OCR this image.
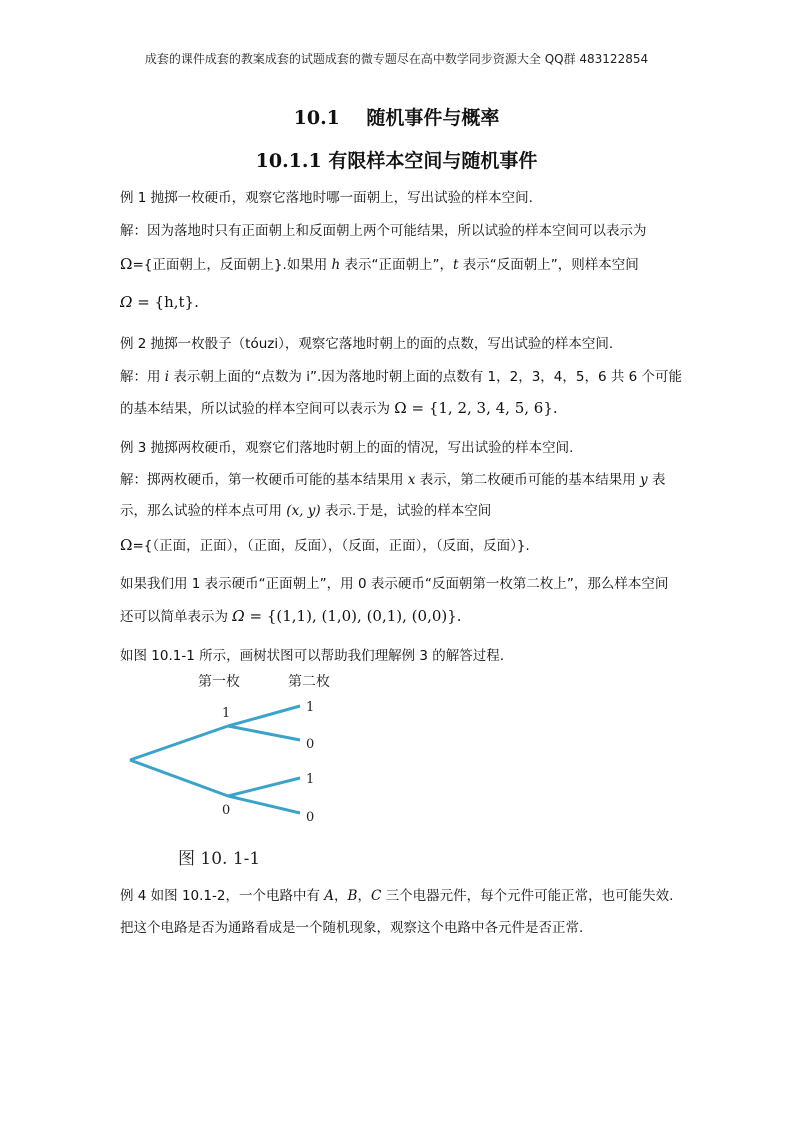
成套的课件成套的教案成套的试题成套的微专题尽在高中数学同步资源大全 QQ群 483122854
10.1    随机事件与概率
10.1.1 有限样本空间与随机事件
例 1 抛掷一枚硬币，观察它落地时哪一面朝上，写出试验的样本空间.
解：因为落地时只有正面朝上和反面朝上两个可能结果，所以试验的样本空间可以表示为
Ω={正面朝上，反面朝上}.如果用 h 表示“正面朝上”，t 表示“反面朝上”，则样本空间
Ω = {h,t}.
例 2 抛掷一枚骰子（tóuzi），观察它落地时朝上的面的点数，写出试验的样本空间.
解：用 i 表示朝上面的“点数为 i”.因为落地时朝上面的点数有 1，2，3，4，5，6 共 6 个可能
的基本结果，所以试验的样本空间可以表示为 Ω = {1, 2, 3, 4, 5, 6}.
例 3 抛掷两枚硬币，观察它们落地时朝上的面的情况，写出试验的样本空间.
解：掷两枚硬币，第一枚硬币可能的基本结果用 x 表示，第二枚硬币可能的基本结果用 y 表
示，那么试验的样本点可用 (x, y) 表示.于是，试验的样本空间
Ω={（正面，正面），（正面，反面），（反面，正面），（反面，反面）}.
如果我们用 1 表示硬币“正面朝上”，用 0 表示硬币“反面朝第一枚第二枚上”，那么样本空间
还可以简单表示为 Ω = {(1,1), (1,0), (0,1), (0,0)}.
如图 10.1-1 所示，画树状图可以帮助我们理解例 3 的解答过程.
第一枚	第二枚
1
0
1
0
1
0
图 10. 1-1
例 4 如图 10.1-2，一个电路中有 A，B，C 三个电器元件，每个元件可能正常，也可能失效.
把这个电路是否为通路看成是一个随机现象，观察这个电路中各元件是否正常.
